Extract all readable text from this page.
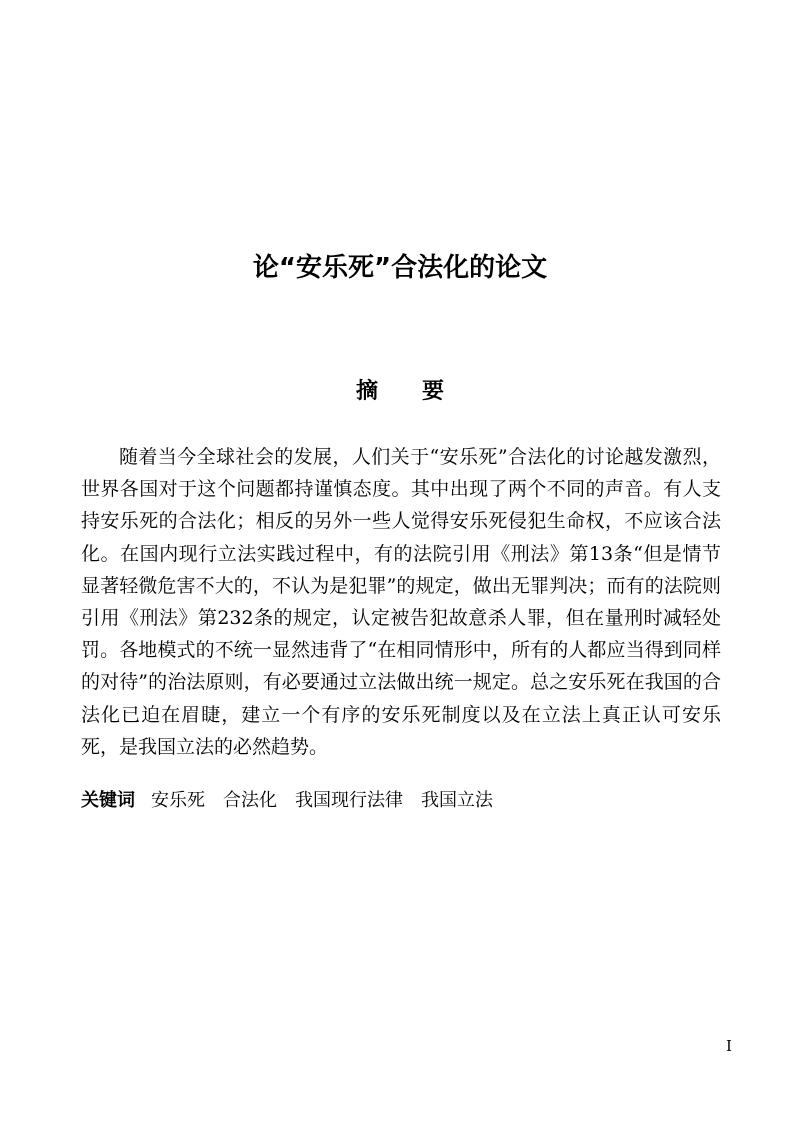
论“安乐死”合法化的论文
摘 要

随着当今全球社会的发展，人们关于“安乐死”合法化的讨论越发激烈，世界各国对于这个问题都持谨慎态度。其中出现了两个不同的声音。有人支持安乐死的合法化；相反的另外一些人觉得安乐死侵犯生命权，不应该合法化。在国内现行立法实践过程中，有的法院引用《刑法》第13条“但是情节显著轻微危害不大的，不认为是犯罪”的规定，做出无罪判决；而有的法院则引用《刑法》第232条的规定，认定被告犯故意杀人罪，但在量刑时减轻处罚。各地模式的不统一显然违背了“在相同情形中，所有的人都应当得到同样的对待”的治法原则，有必要通过立法做出统一规定。总之安乐死在我国的合法化已迫在眉睫，建立一个有序的安乐死制度以及在立法上真正认可安乐死，是我国立法的必然趋势。

关键词 安乐死 合法化 我国现行法律 我国立法
I
